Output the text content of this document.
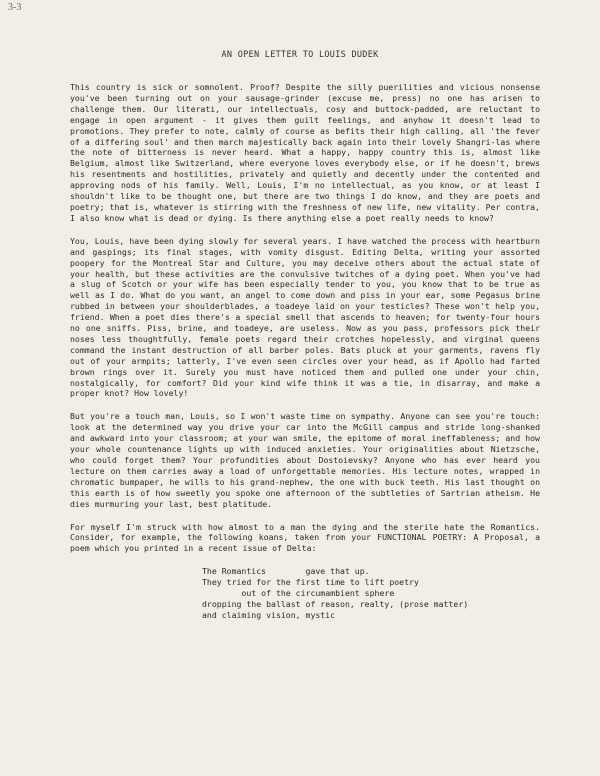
3-3
AN OPEN LETTER TO LOUIS DUDEK

This country is sick or somnolent. Proof? Despite the silly puerilities and vicious nonsense you've been turning out on your sausage-grinder (excuse me, press) no one has arisen to challenge them. Our literati, our intellectuals, cosy and buttock-padded, are reluctant to engage in open argument - it gives them guilt feelings, and anyhow it doesn't lead to promotions. They prefer to note, calmly of course as befits their high calling, all 'the fever of a differing soul' and then march majestically back again into their lovely Shangri-las where the note of bitterness is never heard. What a happy, happy country this is, almost like Belgium, almost like Switzerland, where everyone loves everybody else, or if he doesn't, brews his resentments and hostilities, privately and quietly and decently under the contented and approving nods of his family. Well, Louis, I'm no intellectual, as you know, or at least I shouldn't like to be thought one, but there are two things I do know, and they are poets and poetry; that is, whatever is stirring with the freshness of new life, new vitality. Per contra, I also know what is dead or dying. Is there anything else a poet really needs to know?

You, Louis, have been dying slowly for several years. I have watched the process with heartburn and gaspings; its final stages, with vomity disgust. Editing Delta, writing your assorted poopery for the Montreal Star and Culture, you may deceive others about the actual state of your health, but these activities are the convulsive twitches of a dying poet. When you've had a slug of Scotch or your wife has been especially tender to you, you know that to be true as well as I do. What do you want, an angel to come down and piss in your ear, some Pegasus brine rubbed in between your shoulderblades, a toadeye laid on your testicles? These won't help you, friend. When a poet dies there's a special smell that ascends to heaven; for twenty-four hours no one sniffs. Piss, brine, and toadeye, are useless. Now as you pass, professors pick their noses less thoughtfully, female poets regard their crotches hopelessly, and virginal queens command the instant destruction of all barber poles. Bats pluck at your garments, ravens fly out of your armpits; latterly, I've even seen circles over your head, as if Apollo had farted brown rings over it. Surely you must have noticed them and pulled one under your chin, nostalgically, for comfort? Did your kind wife think it was a tie, in disarray, and make a proper knot? How lovely!

But you're a touch man, Louis, so I won't waste time on sympathy. Anyone can see you're touch: look at the determined way you drive your car into the McGill campus and stride long-shanked and awkward into your classroom; at your wan smile, the epitome of moral ineffableness; and how your whole countenance lights up with induced anxieties. Your originalities about Nietzsche, who could forget them? Your profundities about Dostoievsky? Anyone who has ever heard you lecture on them carries away a load of unforgettable memories. His lecture notes, wrapped in chromatic bumpaper, he wills to his grand-nephew, the one with buck teeth. His last thought on this earth is of how sweetly you spoke one afternoon of the subtleties of Sartrian atheism. He dies murmuring your last, best platitude.

For myself I'm struck with how almost to a man the dying and the sterile hate the Romantics. Consider, for example, the following koans, taken from your FUNCTIONAL POETRY: A Proposal, a poem which you printed in a recent issue of Delta:

The Romantics        gave that up.
They tried for the first time to lift poetry
out of the circumambient sphere
dropping the ballast of reason, realty, (prose matter)
and claiming vision, mystic
